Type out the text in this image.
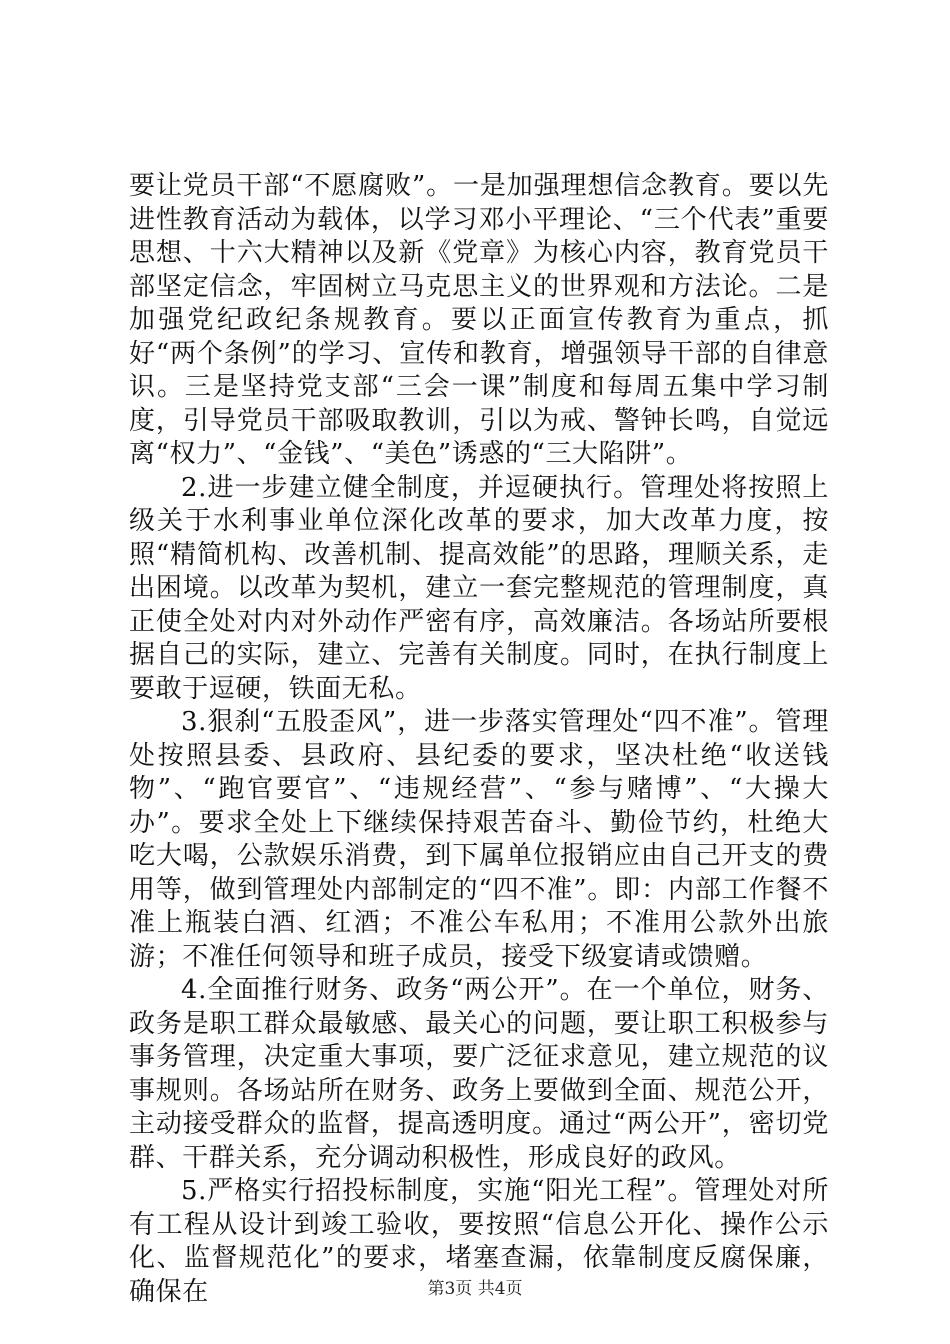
要让党员干部“不愿腐败”。一是加强理想信念教育。要以先进性教育活动为载体，以学习邓小平理论、“三个代表”重要思想、十六大精神以及新《党章》为核心内容，教育党员干部坚定信念，牢固树立马克思主义的世界观和方法论。二是加强党纪政纪条规教育。要以正面宣传教育为重点，抓好“两个条例”的学习、宣传和教育，增强领导干部的自律意识。三是坚持党支部“三会一课”制度和每周五集中学习制度，引导党员干部吸取教训，引以为戒、警钟长鸣，自觉远离“权力”、“金钱”、“美色”诱惑的“三大陷阱”。

2.进一步建立健全制度，并逗硬执行。管理处将按照上级关于水利事业单位深化改革的要求，加大改革力度，按照“精简机构、改善机制、提高效能”的思路，理顺关系，走出困境。以改革为契机，建立一套完整规范的管理制度，真正使全处对内对外动作严密有序，高效廉洁。各场站所要根据自己的实际，建立、完善有关制度。同时，在执行制度上要敢于逗硬，铁面无私。

3.狠刹“五股歪风”，进一步落实管理处“四不准”。管理处按照县委、县政府、县纪委的要求，坚决杜绝“收送钱物”、“跑官要官”、“违规经营”、“参与赌博”、“大操大办”。要求全处上下继续保持艰苦奋斗、勤俭节约，杜绝大吃大喝，公款娱乐消费，到下属单位报销应由自己开支的费用等，做到管理处内部制定的“四不准”。即：内部工作餐不准上瓶装白酒、红酒；不准公车私用；不准用公款外出旅游；不准任何领导和班子成员，接受下级宴请或馈赠。

4.全面推行财务、政务“两公开”。在一个单位，财务、政务是职工群众最敏感、最关心的问题，要让职工积极参与事务管理，决定重大事项，要广泛征求意见，建立规范的议事规则。各场站所在财务、政务上要做到全面、规范公开，主动接受群众的监督，提高透明度。通过“两公开”，密切党群、干群关系，充分调动积极性，形成良好的政风。

5.严格实行招投标制度，实施“阳光工程”。管理处对所有工程从设计到竣工验收，要按照“信息公开化、操作公示化、监督规范化”的要求，堵塞查漏，依靠制度反腐保廉，确保在	第3页 共4页
